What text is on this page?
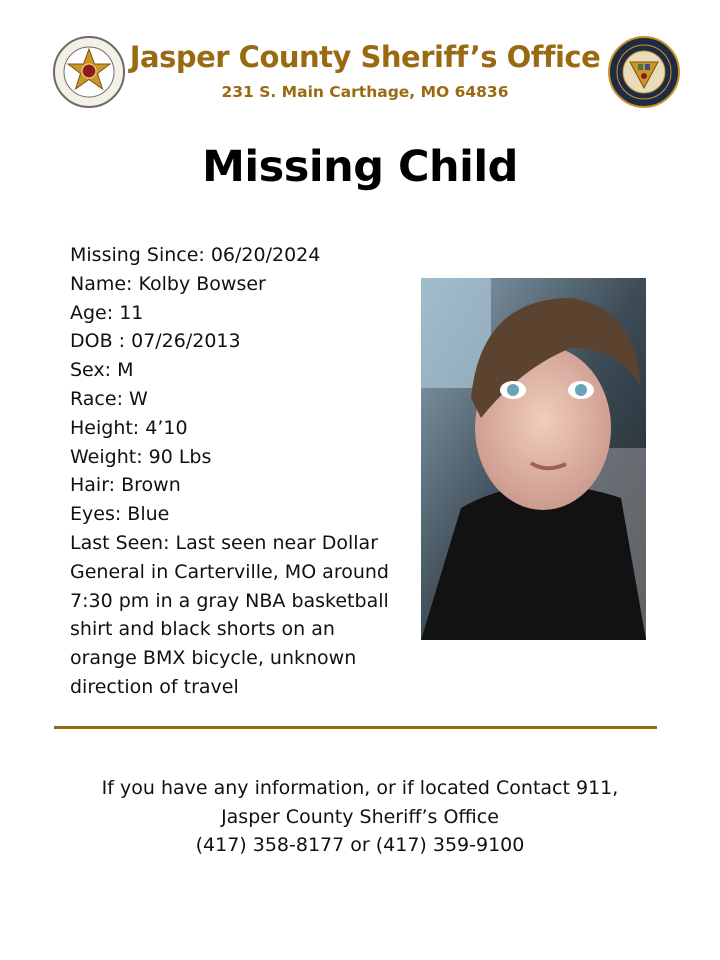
Jasper County Sheriff’s Office
231 S. Main Carthage, MO 64836
Missing Child
Missing Since: 06/20/2024
Name: Kolby Bowser
Age: 11
DOB : 07/26/2013
Sex: M
Race: W
Height: 4’10
Weight: 90 Lbs
Hair: Brown
Eyes: Blue
Last Seen: Last seen near Dollar General in Carterville, MO around 7:30 pm in a gray NBA basketball shirt and black shorts on an orange BMX bicycle, unknown direction of travel
If you have any information, or if located Contact 911,
Jasper County Sheriff’s Office
(417) 358-8177 or (417) 359-9100
